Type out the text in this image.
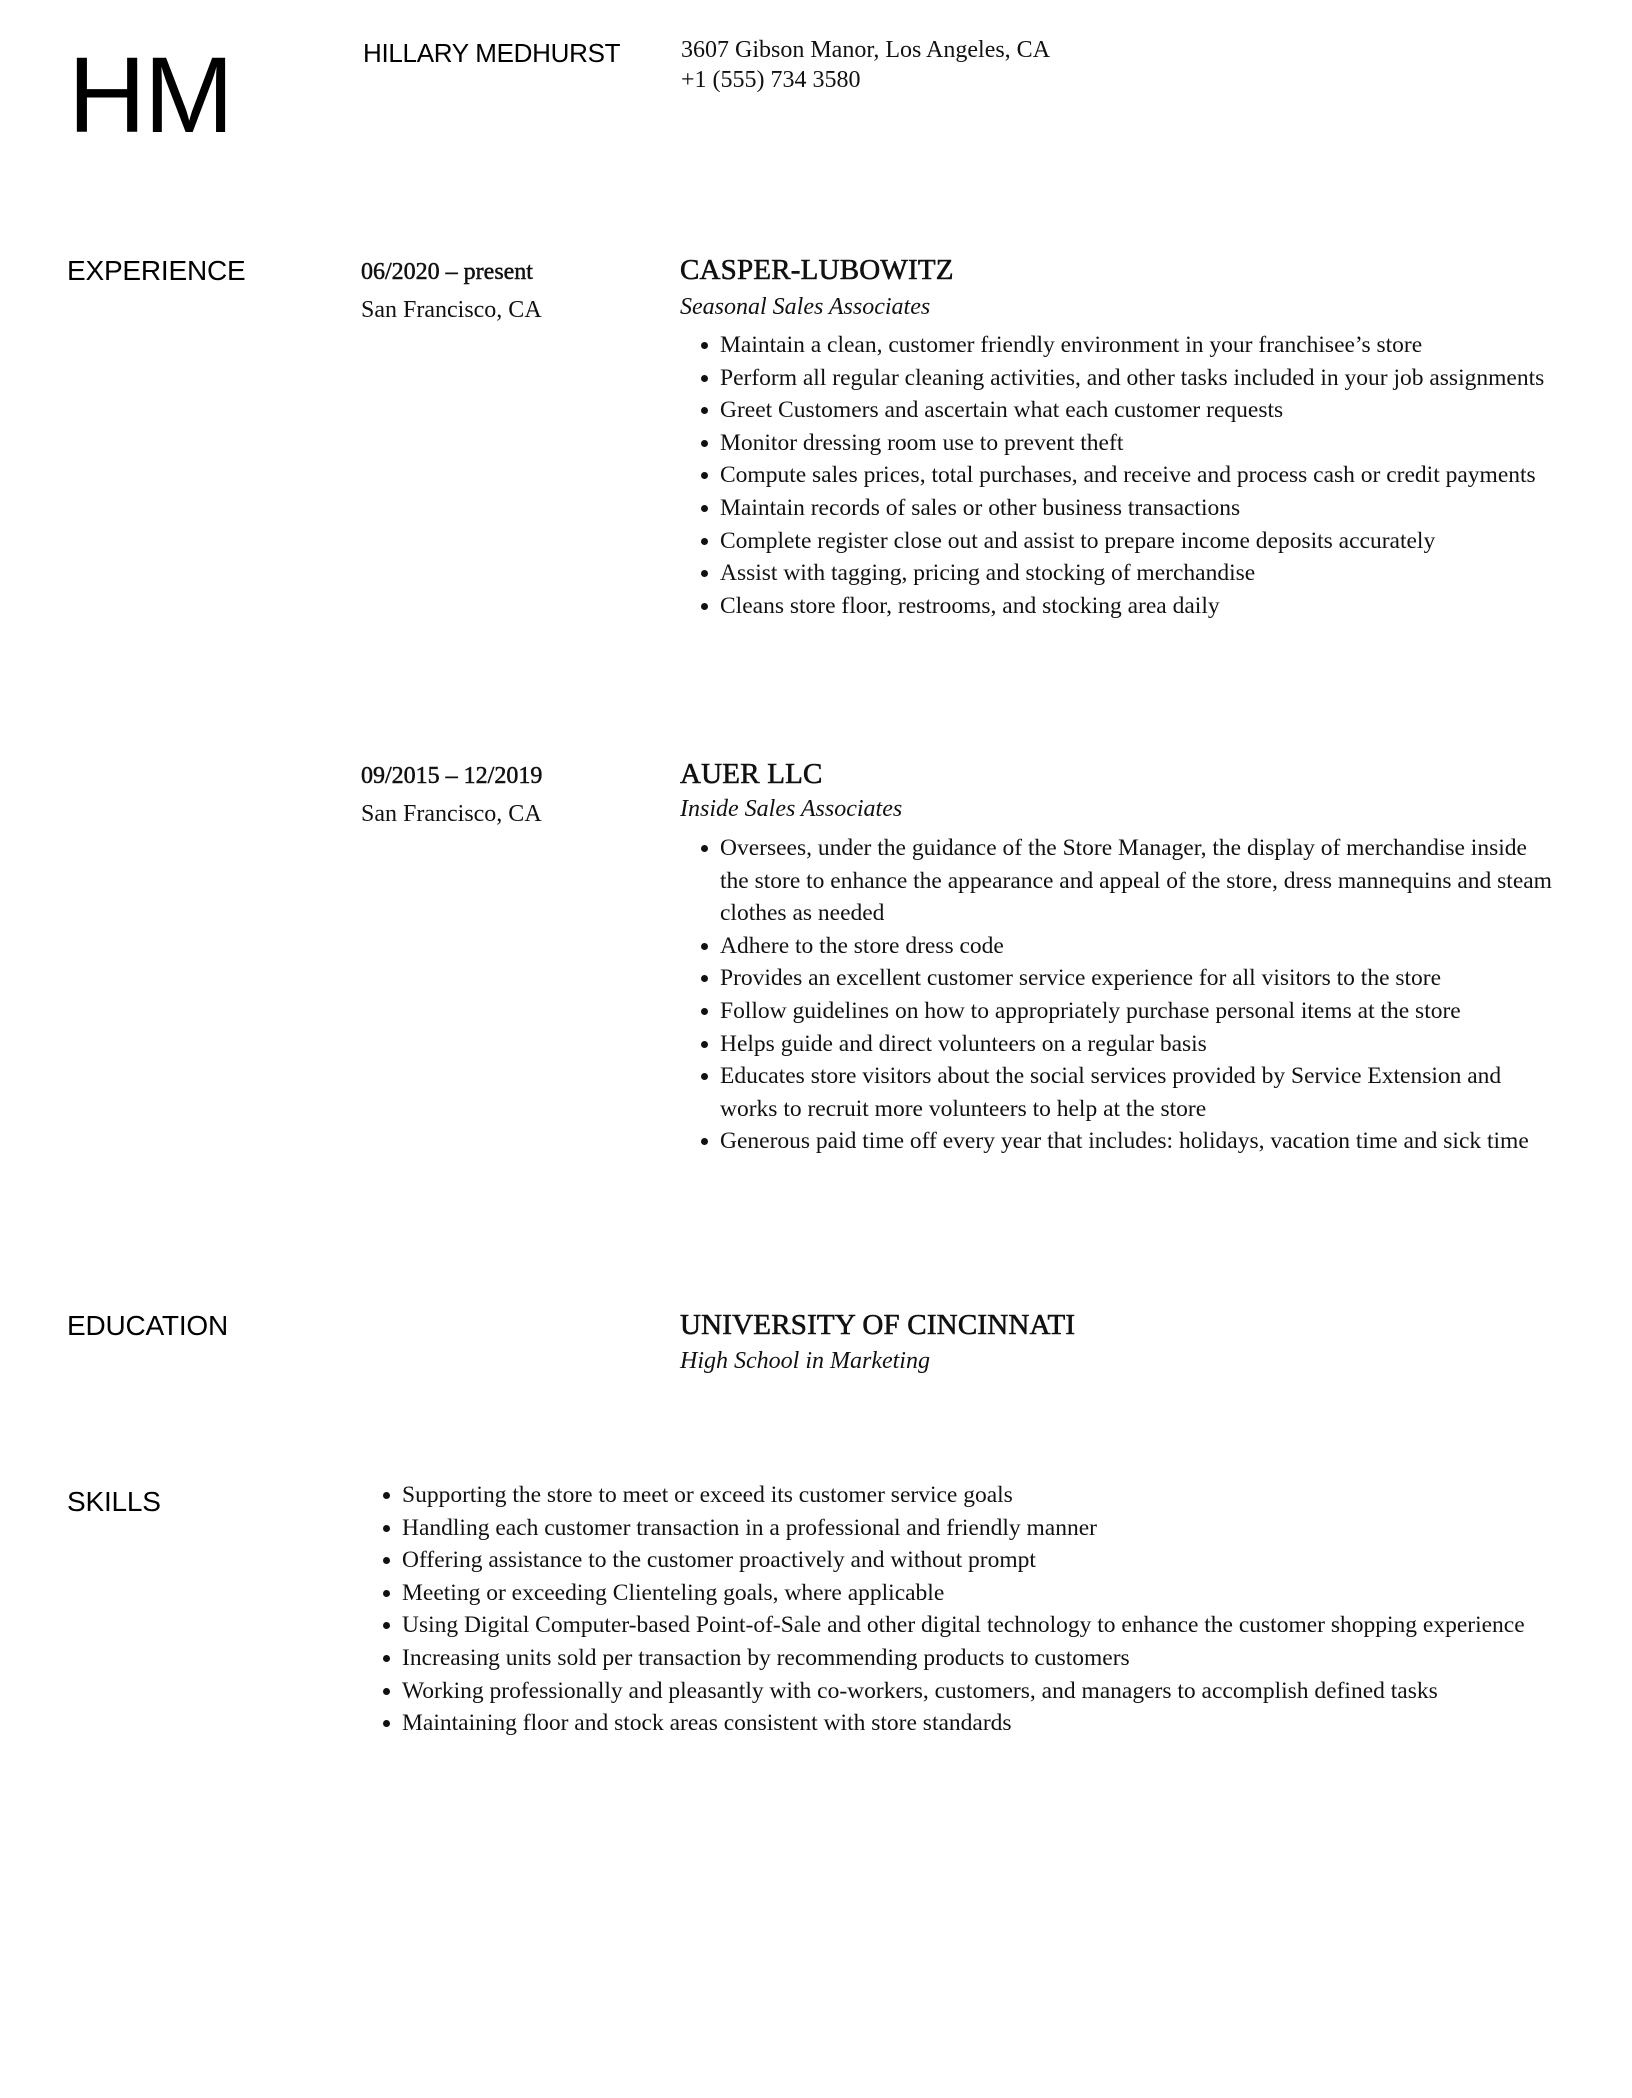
HM	HILLARY MEDHURST	3607 Gibson Manor, Los Angeles, CA
+1 (555) 734 3580
EXPERIENCE	06/2020 – present
San Francisco, CA
CASPER-LUBOWITZ
Seasonal Sales Associates
Maintain a clean, customer friendly environment in your franchisee’s store
Perform all regular cleaning activities, and other tasks included in your job assignments
Greet Customers and ascertain what each customer requests
Monitor dressing room use to prevent theft
Compute sales prices, total purchases, and receive and process cash or credit payments
Maintain records of sales or other business transactions
Complete register close out and assist to prepare income deposits accurately
Assist with tagging, pricing and stocking of merchandise
Cleans store floor, restrooms, and stocking area daily
09/2015 – 12/2019
San Francisco, CA
AUER LLC
Inside Sales Associates
Oversees, under the guidance of the Store Manager, the display of merchandise inside the store to enhance the appearance and appeal of the store, dress mannequins and steam clothes as needed
Adhere to the store dress code
Provides an excellent customer service experience for all visitors to the store
Follow guidelines on how to appropriately purchase personal items at the store
Helps guide and direct volunteers on a regular basis
Educates store visitors about the social services provided by Service Extension and works to recruit more volunteers to help at the store
Generous paid time off every year that includes: holidays, vacation time and sick time
EDUCATION	UNIVERSITY OF CINCINNATI
High School in Marketing
SKILLS	Supporting the store to meet or exceed its customer service goals
Handling each customer transaction in a professional and friendly manner
Offering assistance to the customer proactively and without prompt
Meeting or exceeding Clienteling goals, where applicable
Using Digital Computer-based Point-of-Sale and other digital technology to enhance the customer shopping experience
Increasing units sold per transaction by recommending products to customers
Working professionally and pleasantly with co-workers, customers, and managers to accomplish defined tasks
Maintaining floor and stock areas consistent with store standards
